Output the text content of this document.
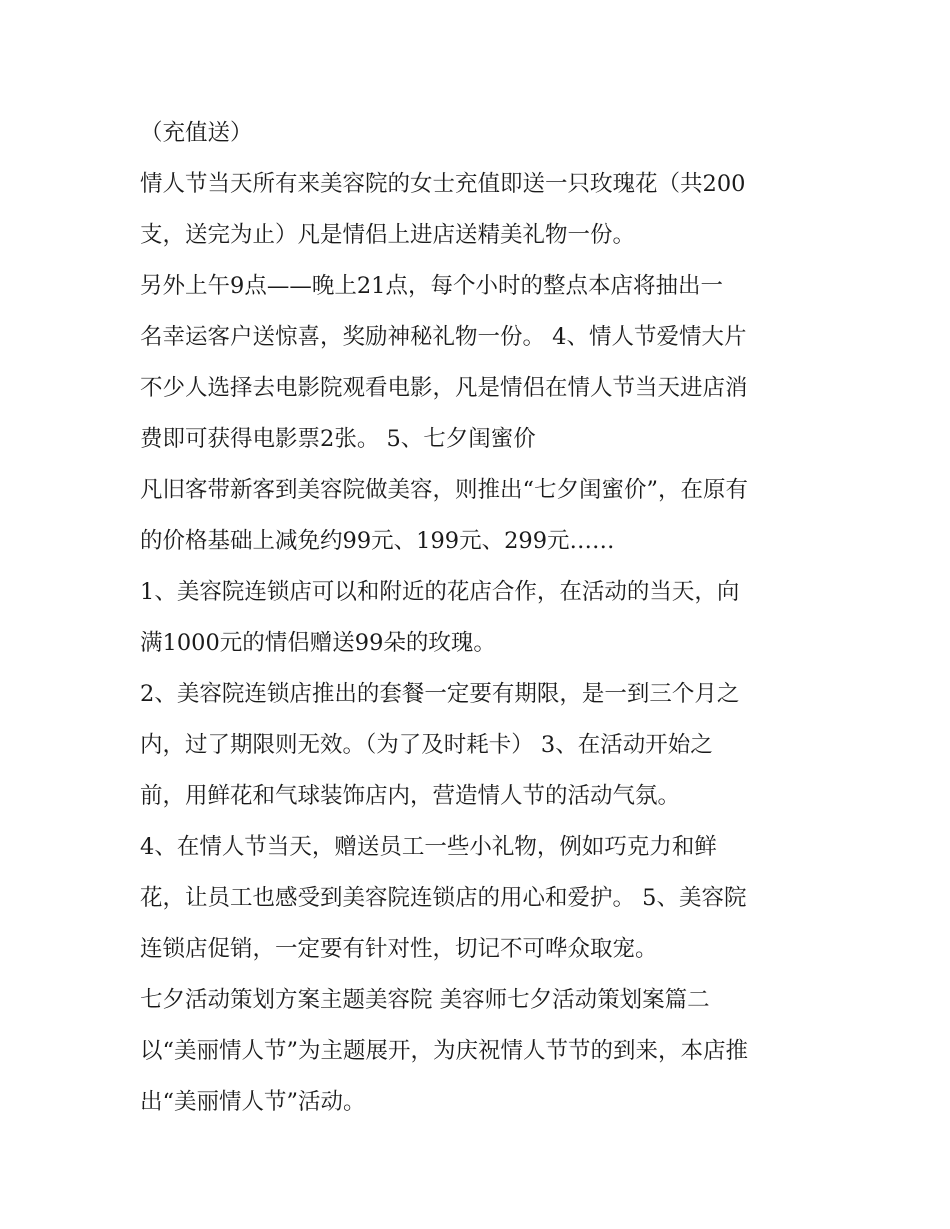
（充值送）
情人节当天所有来美容院的女士充值即送一只玫瑰花（共200
支，送完为止）凡是情侣上进店送精美礼物一份。
另外上午9点——晚上21点，每个小时的整点本店将抽出一
名幸运客户送惊喜，奖励神秘礼物一份。 4、情人节爱情大片
不少人选择去电影院观看电影，凡是情侣在情人节当天进店消
费即可获得电影票2张。 5、七夕闺蜜价
凡旧客带新客到美容院做美容，则推出“七夕闺蜜价”，在原有
的价格基础上减免约99元、199元、299元……
1、美容院连锁店可以和附近的花店合作，在活动的当天，向
满1000元的情侣赠送99朵的玫瑰。
2、美容院连锁店推出的套餐一定要有期限，是一到三个月之
内，过了期限则无效。（为了及时耗卡） 3、在活动开始之
前，用鲜花和气球装饰店内，营造情人节的活动气氛。
4、在情人节当天，赠送员工一些小礼物，例如巧克力和鲜
花，让员工也感受到美容院连锁店的用心和爱护。 5、美容院
连锁店促销，一定要有针对性，切记不可哗众取宠。
七夕活动策划方案主题美容院 美容师七夕活动策划案篇二
以“美丽情人节”为主题展开，为庆祝情人节节的到来，本店推
出“美丽情人节”活动。
